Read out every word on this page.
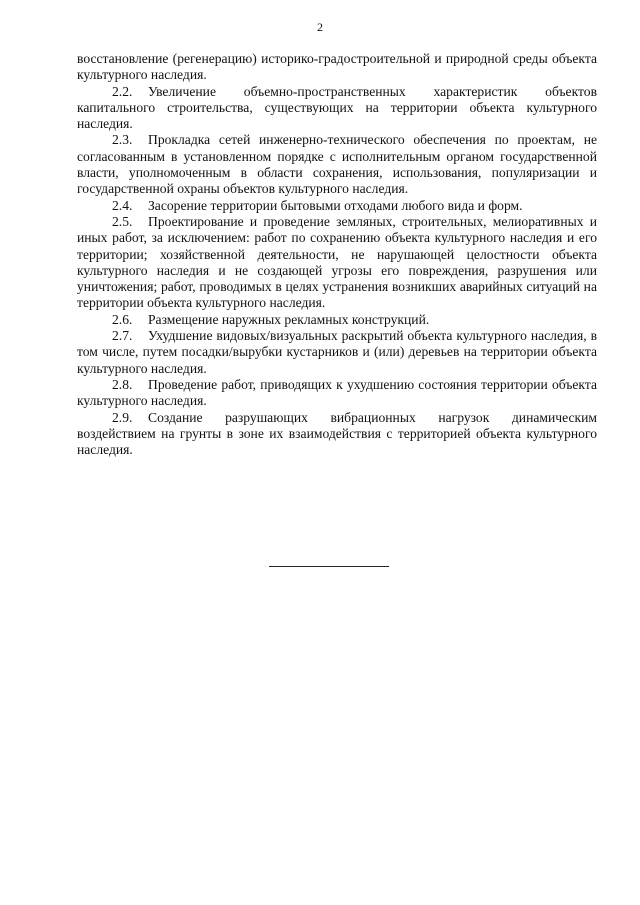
2

восстановление (регенерацию) историко-градостроительной и природной среды объекта культурного наследия.

2.2. Увеличение объемно-пространственных характеристик объектов капитального строительства, существующих на территории объекта культурного наследия.

2.3. Прокладка сетей инженерно-технического обеспечения по проектам, не согласованным в установленном порядке с исполнительным органом государственной власти, уполномоченным в области сохранения, использования, популяризации и государственной охраны объектов культурного наследия.

2.4. Засорение территории бытовыми отходами любого вида и форм.

2.5. Проектирование и проведение земляных, строительных, мелиоративных и иных работ, за исключением: работ по сохранению объекта культурного наследия и его территории; хозяйственной деятельности, не нарушающей целостности объекта культурного наследия и не создающей угрозы его повреждения, разрушения или уничтожения; работ, проводимых в целях устранения возникших аварийных ситуаций на территории объекта культурного наследия.

2.6. Размещение наружных рекламных конструкций.

2.7. Ухудшение видовых/визуальных раскрытий объекта культурного наследия, в том числе, путем посадки/вырубки кустарников и (или) деревьев на территории объекта культурного наследия.

2.8. Проведение работ, приводящих к ухудшению состояния территории объекта культурного наследия.

2.9. Создание разрушающих вибрационных нагрузок динамическим воздействием на грунты в зоне их взаимодействия с территорией объекта культурного наследия.
